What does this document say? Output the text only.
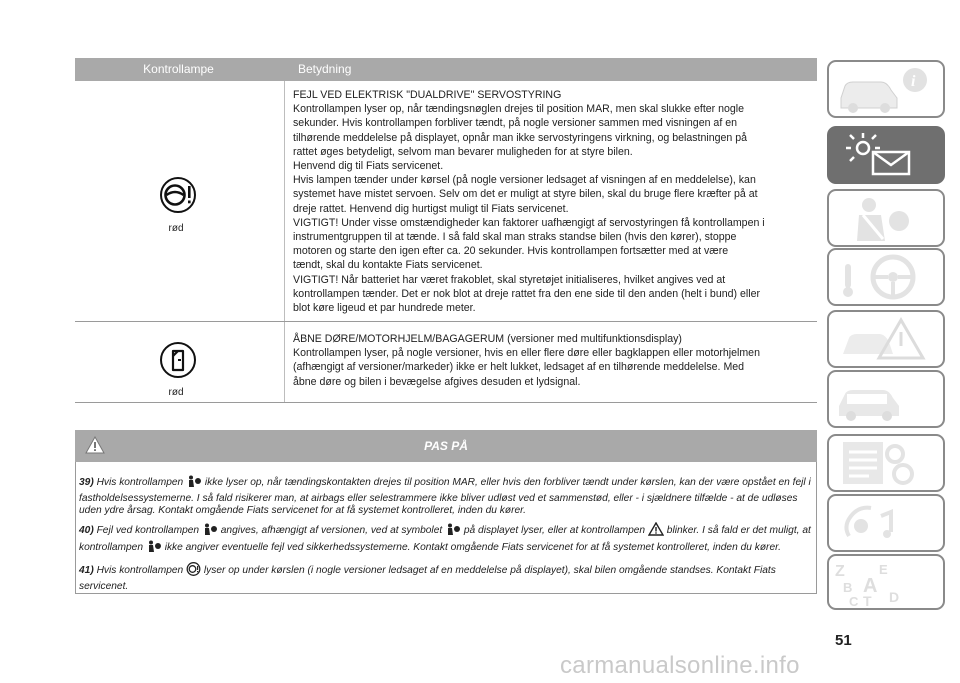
Kontrollampe	Betydning
rød

FEJL VED ELEKTRISK "DUALDRIVE" SERVOSTYRING

Kontrollampen lyser op, når tændingsnøglen drejes til position MAR, men skal slukke efter nogle

sekunder. Hvis kontrollampen forbliver tændt, på nogle versioner sammen med visningen af en

tilhørende meddelelse på displayet, opnår man ikke servostyringens virkning, og belastningen på

rattet øges betydeligt, selvom man bevarer muligheden for at styre bilen.

Henvend dig til Fiats servicenet.

Hvis lampen tænder under kørsel (på nogle versioner ledsaget af visningen af en meddelelse), kan

systemet have mistet servoen. Selv om det er muligt at styre bilen, skal du bruge flere kræfter på at

dreje rattet. Henvend dig hurtigst muligt til Fiats servicenet.

VIGTIGT! Under visse omstændigheder kan faktorer uafhængigt af servostyringen få kontrollampen i

instrumentgruppen til at tænde. I så fald skal man straks standse bilen (hvis den kører), stoppe

motoren og starte den igen efter ca. 20 sekunder. Hvis kontrollampen fortsætter med at være

tændt, skal du kontakte Fiats servicenet.

VIGTIGT! Når batteriet har været frakoblet, skal styretøjet initialiseres, hvilket angives ved at

kontrollampen tænder. Det er nok blot at dreje rattet fra den ene side til den anden (helt i bund) eller

blot køre ligeud et par hundrede meter.

rød

ÅBNE DØRE/MOTORHJELM/BAGAGERUM (versioner med multifunktionsdisplay)

Kontrollampen lyser, på nogle versioner, hvis en eller flere døre eller bagklappen eller motorhjelmen

(afhængigt af versioner/markeder) ikke er helt lukket, ledsaget af en tilhørende meddelelse. Med

åbne døre og bilen i bevægelse afgives desuden et lydsignal.

PAS PÅ

39) Hvis kontrollampen ikke lyser op, når tændingskontakten drejes til position MAR, eller hvis den forbliver tændt under kørslen, kan der være opstået en fejl i fastholdelsessystemerne. I så fald risikerer man, at airbags eller selestrammere ikke bliver udløst ved et sammenstød, eller - i sjældnere tilfælde - at de udløses uden ydre årsag. Kontakt omgående Fiats servicenet for at få systemet kontrolleret, inden du kører.

40) Fejl ved kontrollampen angives, afhængigt af versionen, ved at symbolet på displayet lyser, eller at kontrollampen blinker. I så fald er det muligt, at kontrollampen ikke angiver eventuelle fejl ved sikkerhedssystemerne. Kontakt omgående Fiats servicenet for at få systemet kontrolleret, inden du kører.

41) Hvis kontrollampen lyser op under kørslen (i nogle versioner ledsaget af en meddelelse på displayet), skal bilen omgående standses. Kontakt Fiats servicenet.

i
Z	E
B A
C T D
51
carmanualsonline.info
